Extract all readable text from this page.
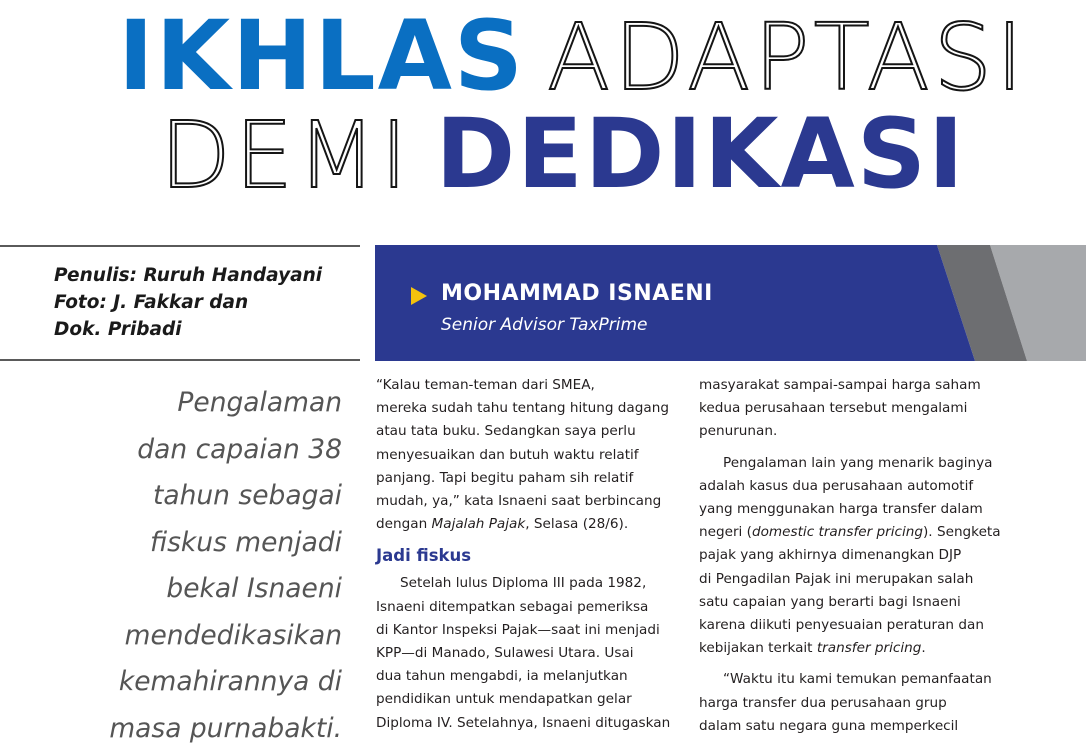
IKHLAS ADAPTASI
DEMI DEDIKASI
Penulis: Ruruh Handayani
Foto: J. Fakkar dan
Dok. Pribadi
Pengalaman
dan capaian 38
tahun sebagai
fiskus menjadi
bekal Isnaeni
mendedikasikan
kemahirannya di
masa purnabakti.
MOHAMMAD ISNAENI
Senior Advisor TaxPrime

“Kalau teman-teman dari SMEA,
mereka sudah tahu tentang hitung dagang
atau tata buku. Sedangkan saya perlu
menyesuaikan dan butuh waktu relatif
panjang. Tapi begitu paham sih relatif
mudah, ya,” kata Isnaeni saat berbincang
dengan Majalah Pajak, Selasa (28/6).

Jadi fiskus

Setelah lulus Diploma III pada 1982,
Isnaeni ditempatkan sebagai pemeriksa
di Kantor Inspeksi Pajak—saat ini menjadi
KPP—di Manado, Sulawesi Utara. Usai
dua tahun mengabdi, ia melanjutkan
pendidikan untuk mendapatkan gelar
Diploma IV. Setelahnya, Isnaeni ditugaskan

masyarakat sampai-sampai harga saham
kedua perusahaan tersebut mengalami
penurunan.

Pengalaman lain yang menarik baginya
adalah kasus dua perusahaan automotif
yang menggunakan harga transfer dalam
negeri (domestic transfer pricing). Sengketa
pajak yang akhirnya dimenangkan DJP
di Pengadilan Pajak ini merupakan salah
satu capaian yang berarti bagi Isnaeni
karena diikuti penyesuaian peraturan dan
kebijakan terkait transfer pricing.

“Waktu itu kami temukan pemanfaatan
harga transfer dua perusahaan grup
dalam satu negara guna memperkecil
